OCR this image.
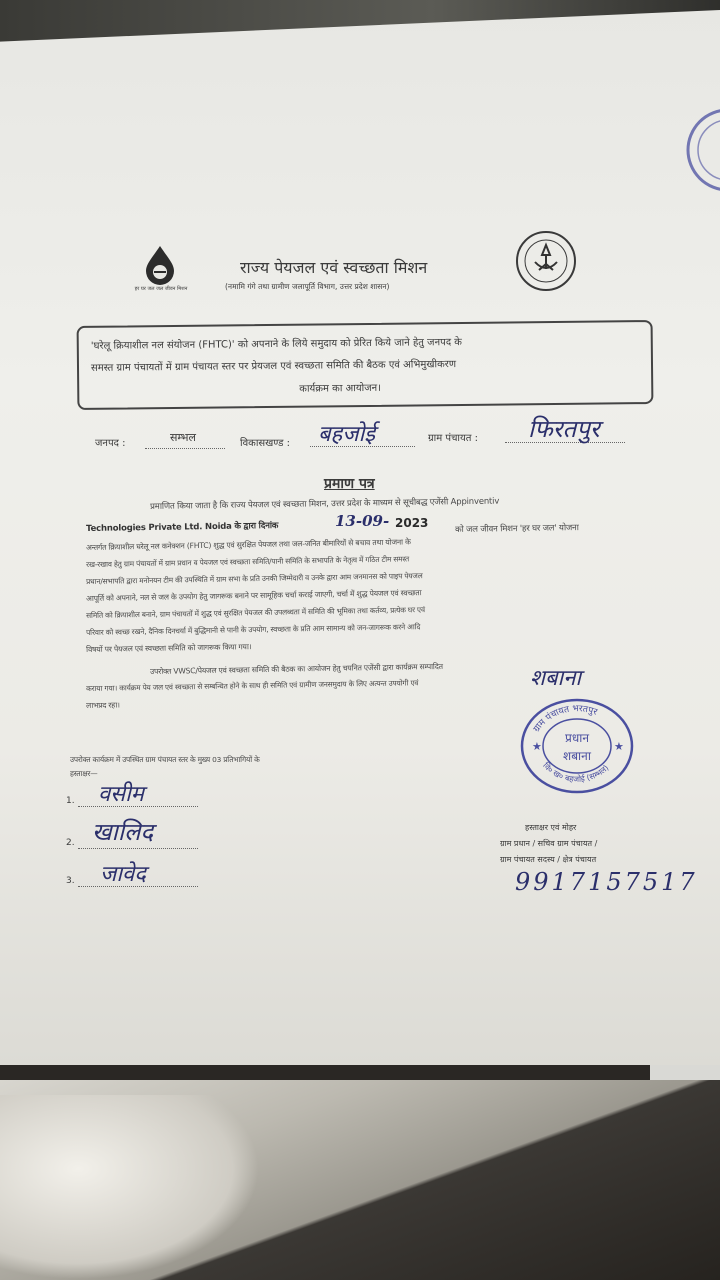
हर घर जल जल जीवन मिशन
राज्य पेयजल एवं स्वच्छता मिशन
(नमामि गंगे तथा ग्रामीण जलापूर्ति विभाग, उत्तर प्रदेश शासन)
'घरेलू क्रियाशील नल संयोजन (FHTC)' को अपनाने के लिये समुदाय को प्रेरित किये जाने हेतु जनपद के
समस्त ग्राम पंचायतों में ग्राम पंचायत स्तर पर प्रेयजल एवं स्वच्छता समिति की बैठक एवं अभिमुखीकरण
कार्यक्रम का आयोजन।
जनपद :	सम्भल	विकासखण्ड : बहजोई	ग्राम पंचायत : फिरतपुर
प्रमाण पत्र
प्रमाणित किया जाता है कि राज्य पेयजल एवं स्वच्छता मिशन, उत्तर प्रदेश के माध्यम से सूचीबद्ध एजेंसी Appinventiv
Technologies Private Ltd. Noida के द्वारा दिनांक	13-09- 2023	को जल जीवन मिशन 'हर घर जल' योजना
अन्तर्गत क्रियाशील घरेलू नल कनेक्शन (FHTC) शुद्ध एवं सुरक्षित पेयजल तथा जल-जनित बीमारियों से बचाव तथा योजना के
रख-रखाव हेतु ग्राम पंचायतों में ग्राम प्रधान व पेयजल एवं स्वच्छता समिति/पानी समिति के सभापति के नेतृत्व में गठित टीम समस्त
प्रधान/सभापति द्वारा मनोनयन टीम की उपस्थिति में ग्राम सभा के प्रति उनकी जिम्मेदारी व उनके द्वारा आम जनमानस को पाइप पेयजल
आपूर्ति को अपनाने, नल से जल के उपयोग हेतु जागरूक बनाने पर सामूहिक चर्चा कराई जाएगी, चर्चा में शुद्ध पेयजल एवं स्वच्छता
समिति को क्रियाशील बनाने, ग्राम पंचायतों में शुद्ध एवं सुरक्षित पेयजल की उपलब्धता में समिति की भूमिका तथा कर्तव्य, प्रत्येक घर एवं
परिवार को स्वच्छ रखने, दैनिक दिनचर्या में बुद्धिमानी से पानी के उपयोग, स्वच्छता के प्रति आम सामान्य को जन-जागरूक करने आदि
विषयों पर पेयजल एवं स्वच्छता समिति को जागरूक किया गया।
उपरोक्त VWSC/पेयजल एवं स्वच्छता समिति की बैठक का आयोजन हेतु चयनित एजेंसी द्वारा कार्यक्रम सम्पादित
कराया गया। कार्यक्रम पेय जल एवं स्वच्छता से सम्बन्धित होने के साथ ही समिति एवं ग्रामीण जनसमुदाय के लिए अत्यन्त उपयोगी एवं
लाभप्रद रहा।
शबाना
ग्राम पंचायत भरतपुर
वि० ख० बहजोई (सम्भल)
प्रधान
शबाना
★	★
उपरोक्त कार्यक्रम में उपस्थित ग्राम पंचायत स्तर के मुख्य 03 प्रतिभागियों के
हस्ताक्षर—
1. वसीम
2. खालिद
3. जावेद
हस्ताक्षर एवं मोहर
ग्राम प्रधान / सचिव ग्राम पंचायत /
ग्राम पंचायत सदस्य / क्षेत्र पंचायत
9917157517
